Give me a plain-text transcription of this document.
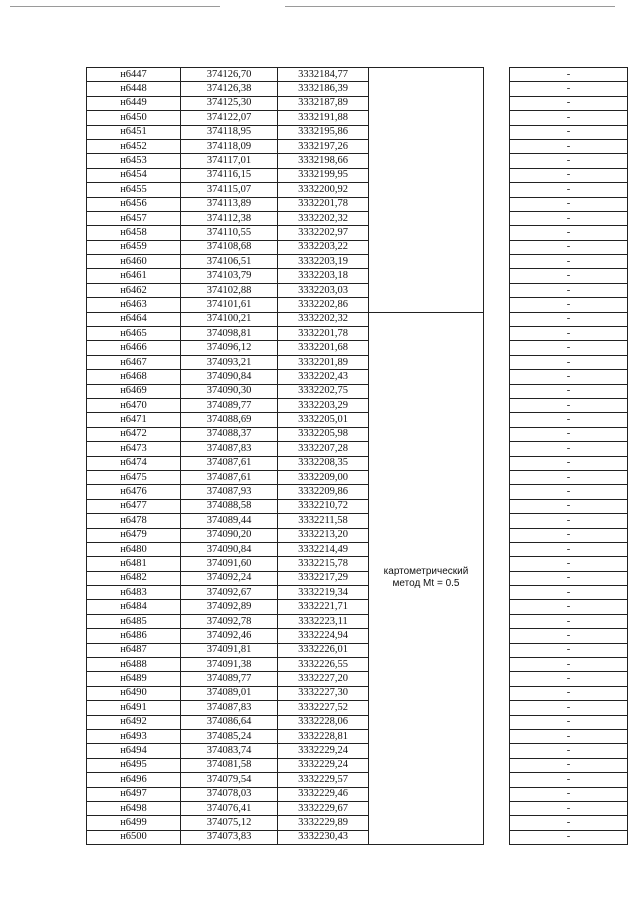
н6447	374126,70	3332184,77			-
н6448	374126,38	3332186,39			-
н6449	374125,30	3332187,89			-
н6450	374122,07	3332191,88			-
н6451	374118,95	3332195,86			-
н6452	374118,09	3332197,26			-
н6453	374117,01	3332198,66			-
н6454	374116,15	3332199,95			-
н6455	374115,07	3332200,92			-
н6456	374113,89	3332201,78			-
н6457	374112,38	3332202,32			-
н6458	374110,55	3332202,97			-
н6459	374108,68	3332203,22			-
н6460	374106,51	3332203,19			-
н6461	374103,79	3332203,18			-
н6462	374102,88	3332203,03			-
н6463	374101,61	3332202,86			-
н6464	374100,21	3332202,32	картометрический метод Mt = 0.5		-
н6465	374098,81	3332201,78			-
н6466	374096,12	3332201,68			-
н6467	374093,21	3332201,89			-
н6468	374090,84	3332202,43			-
н6469	374090,30	3332202,75			-
н6470	374089,77	3332203,29			-
н6471	374088,69	3332205,01			-
н6472	374088,37	3332205,98			-
н6473	374087,83	3332207,28			-
н6474	374087,61	3332208,35			-
н6475	374087,61	3332209,00			-
н6476	374087,93	3332209,86			-
н6477	374088,58	3332210,72			-
н6478	374089,44	3332211,58			-
н6479	374090,20	3332213,20			-
н6480	374090,84	3332214,49			-
н6481	374091,60	3332215,78			-
н6482	374092,24	3332217,29			-
н6483	374092,67	3332219,34			-
н6484	374092,89	3332221,71			-
н6485	374092,78	3332223,11			-
н6486	374092,46	3332224,94			-
н6487	374091,81	3332226,01			-
н6488	374091,38	3332226,55			-
н6489	374089,77	3332227,20			-
н6490	374089,01	3332227,30			-
н6491	374087,83	3332227,52			-
н6492	374086,64	3332228,06			-
н6493	374085,24	3332228,81			-
н6494	374083,74	3332229,24			-
н6495	374081,58	3332229,24			-
н6496	374079,54	3332229,57			-
н6497	374078,03	3332229,46			-
н6498	374076,41	3332229,67			-
н6499	374075,12	3332229,89			-
н6500	374073,83	3332230,43			-
